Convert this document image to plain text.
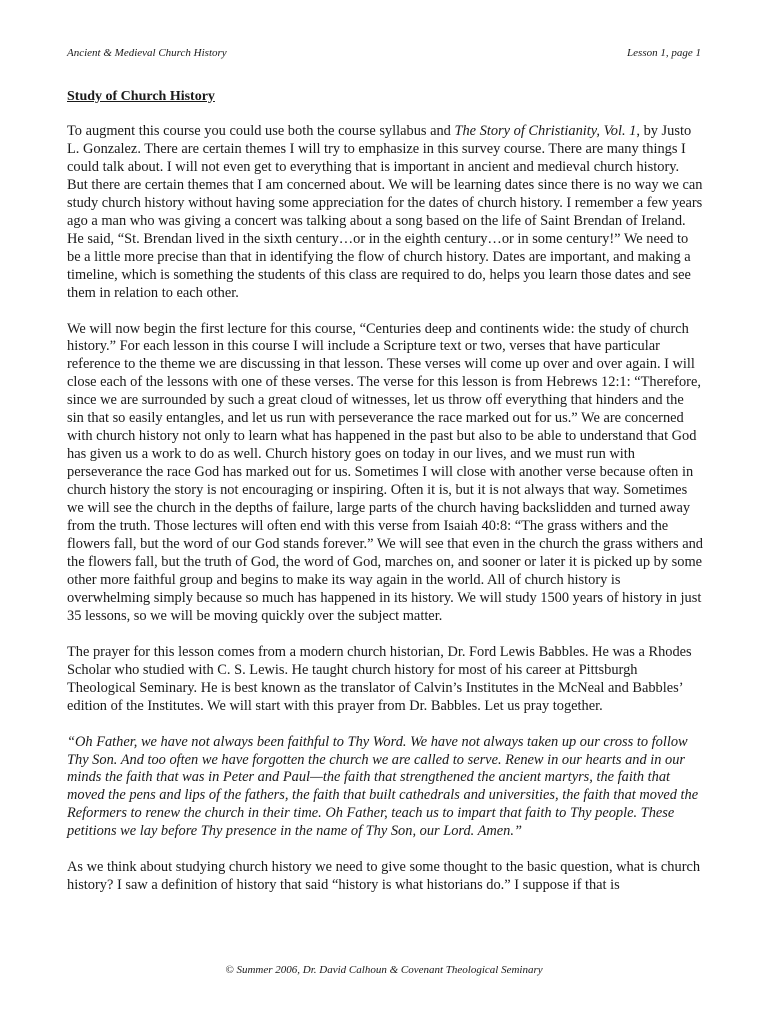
Ancient & Medieval Church History	Lesson 1, page 1
Study of Church History

To augment this course you could use both the course syllabus and The Story of Christianity, Vol. 1, by Justo L. Gonzalez. There are certain themes I will try to emphasize in this survey course. There are many things I could talk about. I will not even get to everything that is important in ancient and medieval church history. But there are certain themes that I am concerned about. We will be learning dates since there is no way we can study church history without having some appreciation for the dates of church history. I remember a few years ago a man who was giving a concert was talking about a song based on the life of Saint Brendan of Ireland. He said, “St. Brendan lived in the sixth century…or in the eighth century…or in some century!” We need to be a little more precise than that in identifying the flow of church history. Dates are important, and making a timeline, which is something the students of this class are required to do, helps you learn those dates and see them in relation to each other.

We will now begin the first lecture for this course, “Centuries deep and continents wide: the study of church history.” For each lesson in this course I will include a Scripture text or two, verses that have particular reference to the theme we are discussing in that lesson. These verses will come up over and over again. I will close each of the lessons with one of these verses. The verse for this lesson is from Hebrews 12:1: “Therefore, since we are surrounded by such a great cloud of witnesses, let us throw off everything that hinders and the sin that so easily entangles, and let us run with perseverance the race marked out for us.” We are concerned with church history not only to learn what has happened in the past but also to be able to understand that God has given us a work to do as well. Church history goes on today in our lives, and we must run with perseverance the race God has marked out for us. Sometimes I will close with another verse because often in church history the story is not encouraging or inspiring. Often it is, but it is not always that way. Sometimes we will see the church in the depths of failure, large parts of the church having backslidden and turned away from the truth. Those lectures will often end with this verse from Isaiah 40:8: “The grass withers and the flowers fall, but the word of our God stands forever.” We will see that even in the church the grass withers and the flowers fall, but the truth of God, the word of God, marches on, and sooner or later it is picked up by some other more faithful group and begins to make its way again in the world. All of church history is overwhelming simply because so much has happened in its history. We will study 1500 years of history in just 35 lessons, so we will be moving quickly over the subject matter.

The prayer for this lesson comes from a modern church historian, Dr. Ford Lewis Babbles. He was a Rhodes Scholar who studied with C. S. Lewis. He taught church history for most of his career at Pittsburgh Theological Seminary. He is best known as the translator of Calvin’s Institutes in the McNeal and Babbles’ edition of the Institutes. We will start with this prayer from Dr. Babbles. Let us pray together.

“Oh Father, we have not always been faithful to Thy Word. We have not always taken up our cross to follow Thy Son. And too often we have forgotten the church we are called to serve. Renew in our hearts and in our minds the faith that was in Peter and Paul—the faith that strengthened the ancient martyrs, the faith that moved the pens and lips of the fathers, the faith that built cathedrals and universities, the faith that moved the Reformers to renew the church in their time. Oh Father, teach us to impart that faith to Thy people. These petitions we lay before Thy presence in the name of Thy Son, our Lord. Amen.”

As we think about studying church history we need to give some thought to the basic question, what is church history? I saw a definition of history that said “history is what historians do.” I suppose if that is

© Summer 2006, Dr. David Calhoun & Covenant Theological Seminary
